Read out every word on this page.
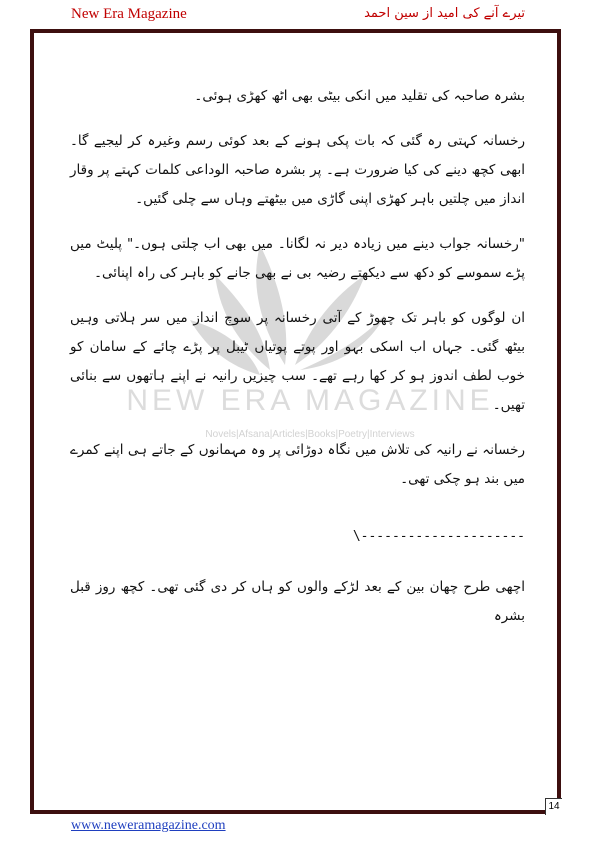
New Era Magazine	تیرے آنے کی امید از سین احمد
NEW ERA MAGAZINE
Novels|Afsana|Articles|Books|Poetry|Interviews

بشرہ صاحبہ کی تقلید میں انکی بیٹی بھی اٹھ کھڑی ہوئی۔

رخسانہ کہتی رہ گئی کہ بات پکی ہونے کے بعد کوئی رسم وغیرہ کر لیجیے گا۔ ابھی کچھ دینے کی کیا ضرورت ہے۔ پر بشرہ صاحبہ الوداعی کلمات کہتے پر وقار انداز میں چلتیں باہر کھڑی اپنی گاڑی میں بیٹھتے وہاں سے چلی گئیں۔

"رخسانہ جواب دینے میں زیادہ دیر نہ لگانا۔ میں بھی اب چلتی ہوں۔" پلیٹ میں پڑے سموسے کو دکھ سے دیکھتے رضیہ بی نے بھی جانے کو باہر کی راہ اپنائی۔

ان لوگوں کو باہر تک چھوڑ کے آتی رخسانہ پر سوچ انداز میں سر ہلاتی وہیں بیٹھ گئی۔ جہاں اب اسکی بہو اور پوتے پوتیاں ٹیبل پر پڑے چائے کے سامان کو خوب لطف اندوز ہو کر کھا رہے تھے۔ سب چیزیں رانیہ نے اپنے ہاتھوں سے بنائی تھیں۔

رخسانہ نے رانیہ کی تلاش میں نگاہ دوڑائی پر وہ مہمانوں کے جاتے ہی اپنے کمرے میں بند ہو چکی تھی۔

\---------------------

اچھی طرح چھان بین کے بعد لڑکے والوں کو ہاں کر دی گئی تھی۔ کچھ روز قبل بشرہ

14
www.neweramagazine.com
